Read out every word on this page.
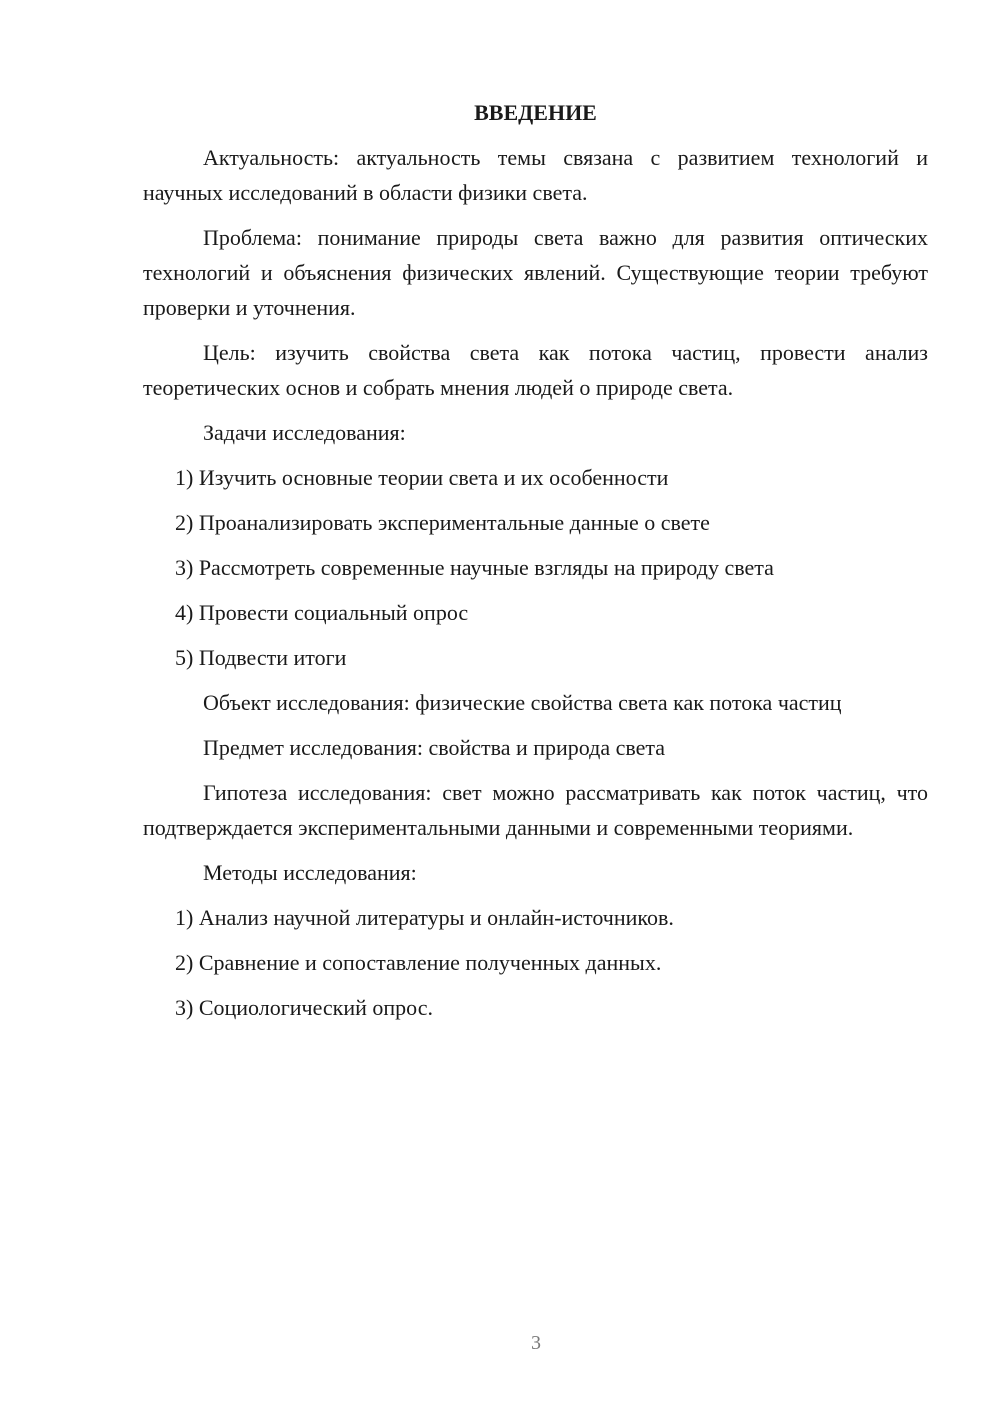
ВВЕДЕНИЕ

Актуальность: актуальность темы связана с развитием технологий и научных исследований в области физики света.

Проблема: понимание природы света важно для развития оптических технологий и объяснения физических явлений. Существующие теории требуют проверки и уточнения.

Цель: изучить свойства света как потока частиц, провести анализ теоретических основ и собрать мнения людей о природе света.

Задачи исследования:

1) Изучить основные теории света и их особенности

2) Проанализировать экспериментальные данные о свете

3) Рассмотреть современные научные взгляды на природу света

4) Провести социальный опрос

5) Подвести итоги

Объект исследования: физические свойства света как потока частиц

Предмет исследования: свойства и природа света

Гипотеза исследования: свет можно рассматривать как поток частиц, что подтверждается экспериментальными данными и современными теориями.

Методы исследования:

1) Анализ научной литературы и онлайн-источников.

2) Сравнение и сопоставление полученных данных.

3) Социологический опрос.

3
